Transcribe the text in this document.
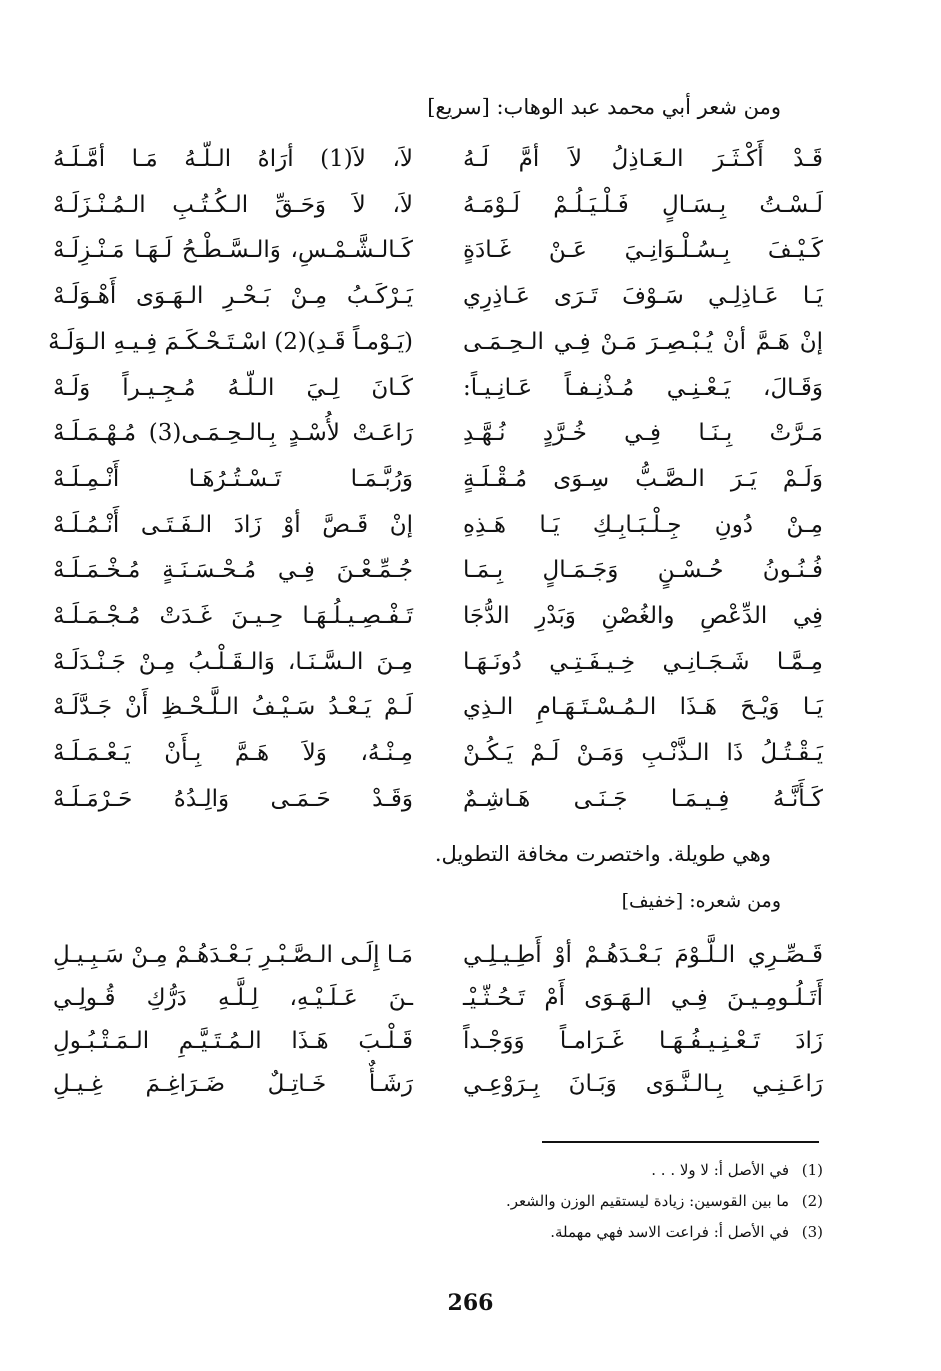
ومن شعر أبي محمد عبد الوهاب: [سريع]
قَـدْ أَكْـثَـرَ الـعَـاذِلُ لاَ أمَّ لَـهُ
لاَ، لاَ(1) أرَاهُ الـلّـهُ مَـا أمَّـلَـهُ
لَـسْـتُ بِـسَـالٍ فَـلْـيَـلُـمْ لَـوْمَـهُ
لاَ، لاَ وَحَـقِّ الـكُـتُـبِ الـمُـنْـزَلَـهْ
كَـيْـفَ بِـسُـلْـوَانِـيَ عَـنْ غَـادَةٍ
كَـالـشَّـمْـسِ، وَالـسَّـطْـحُ لَـهَـا مَـنْـزِلَـهْ
يَـا عَـاذِلِـي سَـوْفَ تَـرَى عَـاذِرِي
يَـرْكَـبُ مِـنْ بَـحْـرِ الـهَـوَى أَهْـوَلَـهْ
إنْ هَـمَّ أنْ يُـبْـصِـرَ مَـنْ فِـي الـحِـمَـى
(يَـوْمـاً قَـدِ)(2) اسْـتَـحْـكَـمَ فِـيـهِ الـوَلَـهْ
وَقَـالَ، يَـعْـنِـي مُـذْنِـفـاً عَـانِـيـاً:
كَـانَ لِـيَ الـلّـهُ مُـجِـيـراً وَلَـهْ
مَـرَّتْ بِـنَـا فِـي خُـرَّدٍ نُـهَّـدِ
رَاعَـتْ لأُسْـدٍ بِـالـحِـمَـى(3) مُـهْـمَـلَـهْ
وَلَـمْ يَـرَ الـصَّـبُّ سِـوَى مُـقْـلَـةٍ
وَرُبَّـمَـا تَـسْـتُـرُهَـا أَنْـمِـلَـهْ
مِـنْ دُونِ جِـلْـبَـابِـكِ يَـا هَـذِهِ
إنْ قَـصَّ أوْ زَادَ الـفَـتَـى أَنْـمُـلَـهْ
فُـنُـونُ حُـسْـنٍ وَجَـمَـالٍ بِـمَـا
جُـمِّـعْـنَ فِـي مُـحْـسَـنَـةٍ مُـخْـمَـلَـهْ
فِي الدِّعْصِ والغُصْنِ وَبَدْرِ الدُّجَا
تَـفْـصِـيـلُـهَـا حِـيـنَ غَـدَتْ مُـجْـمَـلَـهْ
مِـمَّـا شَـجَـانِـي خِـيـفَـتِـي دُونَـهَـا
مِـنَ الـسَّـنَـا، وَالـقَـلْـبُ مِـنْ جَـنْـدَلَـهْ
يَـا وَيْـحَ هَـذَا الـمُـسْـتَـهَـامِ الـذِي
لَـمْ يَـعْـدُ سَـيْـفُ الـلَّـحْـظِ أَنْ جَـدَّلَـهْ
يَـقْـتُـلُ ذَا الـذَّنْـبِ وَمَـنْ لَـمْ يَـكُـنْ
مِـنْـهُ، وَلاَ هَـمَّ بِـأَنْ يَـعْـمَـلَـهْ
كَـأَنَّـهُ فِـيـمَـا جَـنَـى هَـاشِـمٌ
وَقَـدْ حَـمَـى وَالِـدُهُ حَـرْمَـلَـهْ
وهي طويلة. واختصرت مخافة التطويل.
ومن شعره: [خفيف]
قَـصِّـرِي الـلَّـوْمَ بَـعْـدَهُـمْ أوْ أَطِـيـلِـي
مَـا إِلَـى الـصَّـبْـرِ بَـعْـدَهُـمْ مِـنْ سَـبِـيـلِ
أَتَـلُـومِـيـنَ فِـي الـهَـوَى أَمْ تَـحُـثّـيْـ
ـنَ عَـلَـيْـهِ، لِـلَّـهِ دَرُّكِ قُـولِـي
زَادَ تَـعْـنِـيـفُـهَـا غَـرَامـاً وَوَجْـداً
قَـلْـبَ هَـذَا الـمُـتَـيَّـمِ الـمَـتْـبُـولِ
رَاعَـنِـي بِـالـنَّـوَى وَبَـانَ بِـرَوْعِـي
رَشَـأٌ خَـاتِـلٌ ضَـرَاغِـمَ غِـيـلِ
(1)في الأصل أ: لا ولا . . .
(2)ما بين القوسين: زيادة ليستقيم الوزن والشعر.
(3)في الأصل أ: فراعت الاسد فهي مهملة.
266
